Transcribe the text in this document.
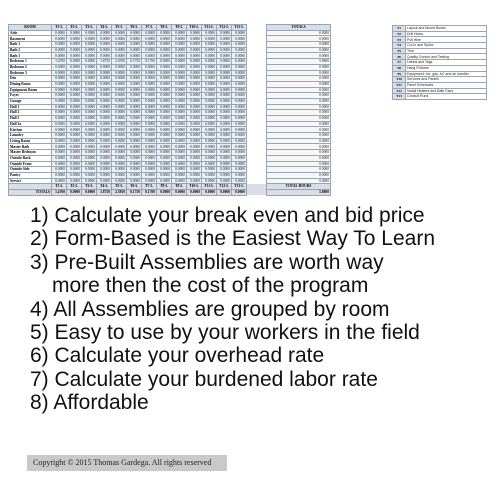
ROOM	T1-L	T2-L	T3-L	T4-L	T5-L	T6-L	T7-L	T8-L	T9-L	T10-L	T11-L	T12-L	T13-L		TOTALS
Attic	0.0000	0.0000	0.0000	0.0000	0.0000	0.0000	0.0000	0.0000	0.0000	0.0000	0.0000	0.0000	0.0000		0.0000
Basement	0.0000	0.0000	0.0000	0.0000	0.0000	0.0000	0.0000	0.0000	0.0000	0.0000	0.0000	0.0000	0.0000		0.0000
Bath 1	0.0000	0.0000	0.0000	0.0000	0.0000	0.0000	0.0000	0.0000	0.0000	0.0000	0.0000	0.0000	0.0000		0.0000
Bath 2	0.0000	0.0000	0.0000	0.0000	0.0000	0.0000	0.0000	0.0000	0.0000	0.0000	0.0000	0.0000	0.0000		0.0000
Bath 3	0.0000	0.0000	0.0000	0.0000	0.0000	0.0000	0.0000	0.0000	0.0000	0.0000	0.0000	0.0000	0.0000		0.0000
Bedroom 1	1.4700	0.0000	0.0000	1.8750	2.3950	0.1750	0.1700	0.0000	0.0000	0.0000	0.0000	0.0000	0.0000		5.8800
Bedroom 2	0.0000	0.0000	0.0000	0.0000	0.0000	0.0000	0.0000	0.0000	0.0000	0.0000	0.0000	0.0000	0.0000		0.0000
Bedroom 3	0.0000	0.0000	0.0000	0.0000	0.0000	0.0000	0.0000	0.0000	0.0000	0.0000	0.0000	0.0000	0.0000		0.0000
Den	0.0000	0.0000	0.0000	0.0000	0.0000	0.0000	0.0000	0.0000	0.0000	0.0000	0.0000	0.0000	0.0000		0.0000
Dining Room	0.0000	0.0000	0.0000	0.0000	0.0000	0.0000	0.0000	0.0000	0.0000	0.0000	0.0000	0.0000	0.0000		0.0000
Equipment Room	0.0000	0.0000	0.0000	0.0000	0.0000	0.0000	0.0000	0.0000	0.0000	0.0000	0.0000	0.0000	0.0000		0.0000
Foyer	0.0000	0.0000	0.0000	0.0000	0.0000	0.0000	0.0000	0.0000	0.0000	0.0000	0.0000	0.0000	0.0000		0.0000
Garage	0.0000	0.0000	0.0000	0.0000	0.0000	0.0000	0.0000	0.0000	0.0000	0.0000	0.0000	0.0000	0.0000		0.0000
Hall 1	0.0000	0.0000	0.0000	0.0000	0.0000	0.0000	0.0000	0.0000	0.0000	0.0000	0.0000	0.0000	0.0000		0.0000
Hall 2	0.0000	0.0000	0.0000	0.0000	0.0000	0.0000	0.0000	0.0000	0.0000	0.0000	0.0000	0.0000	0.0000		0.0000
Hall 3	0.0000	0.0000	0.0000	0.0000	0.0000	0.0000	0.0000	0.0000	0.0000	0.0000	0.0000	0.0000	0.0000		0.0000
Hall 3a	0.0000	0.0000	0.0000	0.0000	0.0000	0.0000	0.0000	0.0000	0.0000	0.0000	0.0000	0.0000	0.0000		0.0000
Kitchen	0.0000	0.0000	0.0000	0.0000	0.0000	0.0000	0.0000	0.0000	0.0000	0.0000	0.0000	0.0000	0.0000		0.0000
Laundry	0.0000	0.0000	0.0000	0.0000	0.0000	0.0000	0.0000	0.0000	0.0000	0.0000	0.0000	0.0000	0.0000		0.0000
Living Room	0.0000	0.0000	0.0000	0.0000	0.0000	0.0000	0.0000	0.0000	0.0000	0.0000	0.0000	0.0000	0.0000		0.0000
Master Bath	0.0000	0.0000	0.0000	0.0000	0.0000	0.0000	0.0000	0.0000	0.0000	0.0000	0.0000	0.0000	0.0000		0.0000
Master Bedroom	0.0000	0.0000	0.0000	0.0000	0.0000	0.0000	0.0000	0.0000	0.0000	0.0000	0.0000	0.0000	0.0000		0.0000
Outside Back	0.0000	0.0000	0.0000	0.0000	0.0000	0.0000	0.0000	0.0000	0.0000	0.0000	0.0000	0.0000	0.0000		0.0000
Outside Front	0.0000	0.0000	0.0000	0.0000	0.0000	0.0000	0.0000	0.0000	0.0000	0.0000	0.0000	0.0000	0.0000		0.0000
Outside Side	0.0000	0.0000	0.0000	0.0000	0.0000	0.0000	0.0000	0.0000	0.0000	0.0000	0.0000	0.0000	0.0000		0.0000
Pantry	0.0000	0.0000	0.0000	0.0000	0.0000	0.0000	0.0000	0.0000	0.0000	0.0000	0.0000	0.0000	0.0000		0.0000
Service	0.0000	0.0000	0.0000	0.0000	0.0000	0.0000	0.0000	0.0000	0.0000	0.0000	0.0000	0.0000	0.0000		0.0000
	T1-L	T2-L	T3-L	T4-L	T5-L	T6-L	T7-L	T8-L	T9-L	T10-L	T11-L	T12-L	T13-L		TOTAL HOURS
TOTALS	1.4700	0.0000	0.0000	1.8750	2.3950	0.1750	0.1700	0.0000	0.0000	0.0000	0.0000	0.0000	0.0000		5.8800
T1	Layout and Mount Boxes
T2	Drill Holes
T3	Pull Wire
T4	Cut in and Splice
T5	Trim
T6	Quality Control and Testing
T7	Labels and Tags
T8	Hang Fixtures
T9	Equipment, etc. gas, AC and air handler
T10	Services and Panels
T11	Panel Schedules
T12	Install Heaters and Bath Fans
T13	Conduit Runs
1) Calculate your break even and bid price
2) Form-Based is the Easiest Way To Learn
3) Pre-Built Assemblies are worth way
more then the cost of the program
4) All Assemblies are grouped by room
5) Easy to use by your workers in the field
6) Calculate your overhead rate
7) Calculate your burdened labor rate
8) Affordable
Copyright © 2015 Thomas Gardega. All rights reserved
